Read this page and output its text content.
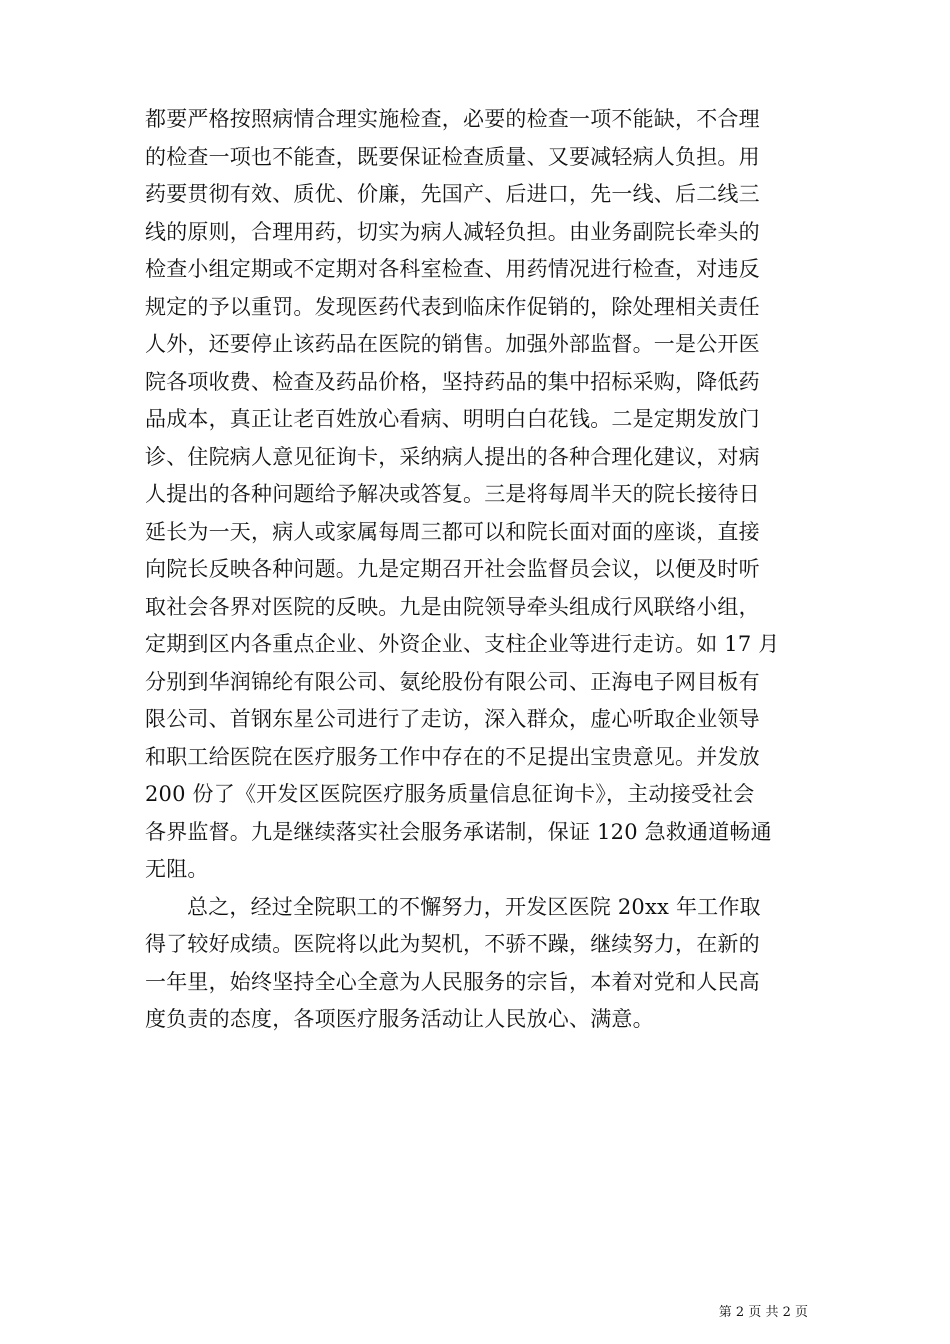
都要严格按照病情合理实施检查，必要的检查一项不能缺，不合理
的检查一项也不能查，既要保证检查质量、又要减轻病人负担。用
药要贯彻有效、质优、价廉，先国产、后进口，先一线、后二线三
线的原则，合理用药，切实为病人减轻负担。由业务副院长牵头的
检查小组定期或不定期对各科室检查、用药情况进行检查，对违反
规定的予以重罚。发现医药代表到临床作促销的，除处理相关责任
人外，还要停止该药品在医院的销售。加强外部监督。一是公开医
院各项收费、检查及药品价格，坚持药品的集中招标采购，降低药
品成本，真正让老百姓放心看病、明明白白花钱。二是定期发放门
诊、住院病人意见征询卡，采纳病人提出的各种合理化建议，对病
人提出的各种问题给予解决或答复。三是将每周半天的院长接待日
延长为一天，病人或家属每周三都可以和院长面对面的座谈，直接
向院长反映各种问题。九是定期召开社会监督员会议，以便及时听
取社会各界对医院的反映。九是由院领导牵头组成行风联络小组，
定期到区内各重点企业、外资企业、支柱企业等进行走访。如 17 月
分别到华润锦纶有限公司、氨纶股份有限公司、正海电子网目板有
限公司、首钢东星公司进行了走访，深入群众，虚心听取企业领导
和职工给医院在医疗服务工作中存在的不足提出宝贵意见。并发放
200 份了《开发区医院医疗服务质量信息征询卡》，主动接受社会
各界监督。九是继续落实社会服务承诺制，保证 120 急救通道畅通
无阻。
总之，经过全院职工的不懈努力，开发区医院 20xx 年工作取
得了较好成绩。医院将以此为契机，不骄不躁，继续努力，在新的
一年里，始终坚持全心全意为人民服务的宗旨，本着对党和人民高
度负责的态度，各项医疗服务活动让人民放心、满意。
第 2 页 共 2 页
